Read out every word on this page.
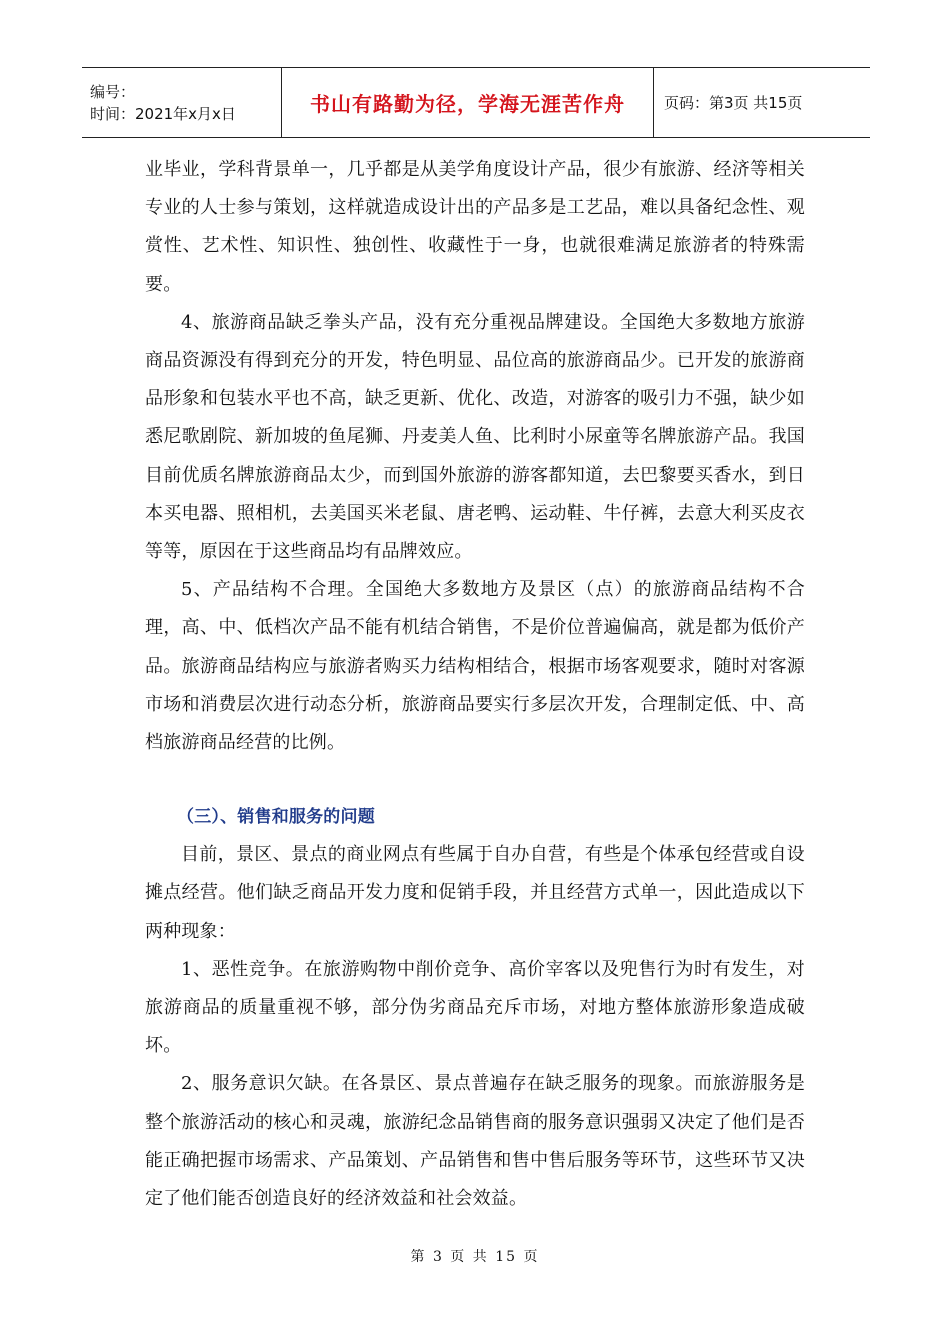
编号：
时间：2021年x月x日	书山有路勤为径，学海无涯苦作舟	页码：第3页 共15页

业毕业，学科背景单一，几乎都是从美学角度设计产品，很少有旅游、经济等相关专业的人士参与策划，这样就造成设计出的产品多是工艺品，难以具备纪念性、观赏性、艺术性、知识性、独创性、收藏性于一身，也就很难满足旅游者的特殊需要。

4、旅游商品缺乏拳头产品，没有充分重视品牌建设。全国绝大多数地方旅游商品资源没有得到充分的开发，特色明显、品位高的旅游商品少。已开发的旅游商品形象和包装水平也不高，缺乏更新、优化、改造，对游客的吸引力不强，缺少如悉尼歌剧院、新加坡的鱼尾狮、丹麦美人鱼、比利时小尿童等名牌旅游产品。我国目前优质名牌旅游商品太少，而到国外旅游的游客都知道，去巴黎要买香水，到日本买电器、照相机，去美国买米老鼠、唐老鸭、运动鞋、牛仔裤，去意大利买皮衣等等，原因在于这些商品均有品牌效应。

5、产品结构不合理。全国绝大多数地方及景区（点）的旅游商品结构不合理，高、中、低档次产品不能有机结合销售，不是价位普遍偏高，就是都为低价产品。旅游商品结构应与旅游者购买力结构相结合，根据市场客观要求，随时对客源市场和消费层次进行动态分析，旅游商品要实行多层次开发，合理制定低、中、高档旅游商品经营的比例。

（三）、销售和服务的问题

目前，景区、景点的商业网点有些属于自办自营，有些是个体承包经营或自设摊点经营。他们缺乏商品开发力度和促销手段，并且经营方式单一，因此造成以下两种现象：

1、恶性竞争。在旅游购物中削价竞争、高价宰客以及兜售行为时有发生，对旅游商品的质量重视不够，部分伪劣商品充斥市场，对地方整体旅游形象造成破坏。

2、服务意识欠缺。在各景区、景点普遍存在缺乏服务的现象。而旅游服务是整个旅游活动的核心和灵魂，旅游纪念品销售商的服务意识强弱又决定了他们是否能正确把握市场需求、产品策划、产品销售和售中售后服务等环节，这些环节又决定了他们能否创造良好的经济效益和社会效益。

第 3 页 共 15 页
